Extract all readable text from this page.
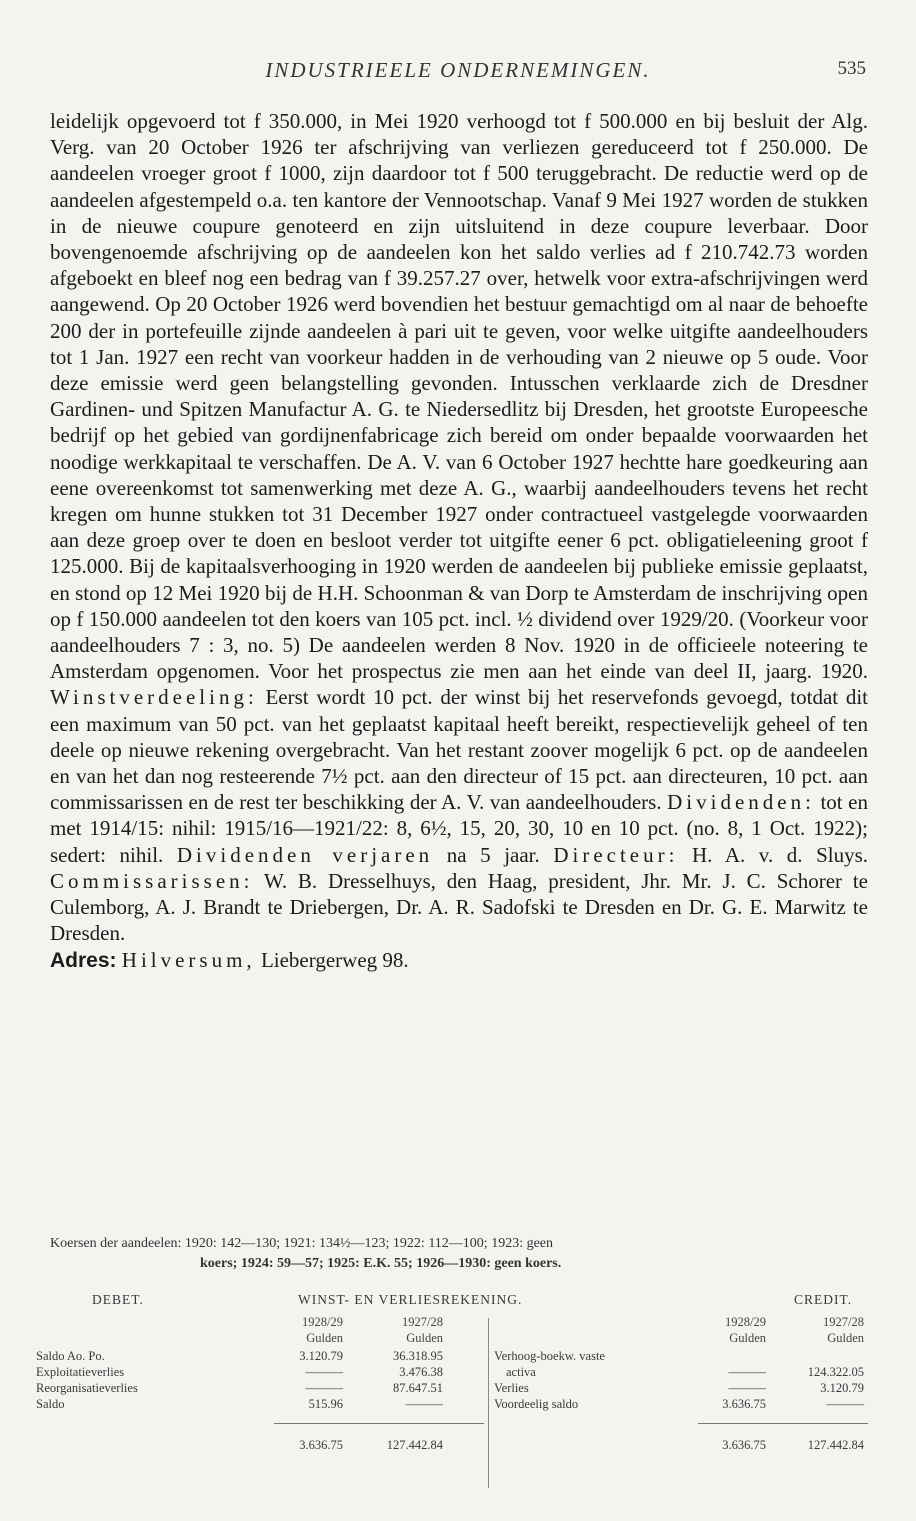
INDUSTRIEELE ONDERNEMINGEN.	535

leidelijk opgevoerd tot f 350.000, in Mei 1920 verhoogd tot f 500.000 en bij besluit der Alg. Verg. van 20 October 1926 ter afschrijving van verliezen gereduceerd tot f 250.000. De aandeelen vroeger groot f 1000, zijn daardoor tot f 500 teruggebracht. De reductie werd op de aandeelen afgestempeld o.a. ten kantore der Vennootschap. Vanaf 9 Mei 1927 worden de stukken in de nieuwe coupure genoteerd en zijn uitsluitend in deze coupure leverbaar. Door bovengenoemde afschrijving op de aandeelen kon het saldo verlies ad f 210.742.73 worden afgeboekt en bleef nog een bedrag van f 39.257.27 over, hetwelk voor extra-afschrijvingen werd aangewend. Op 20 October 1926 werd bovendien het bestuur gemachtigd om al naar de behoefte 200 der in portefeuille zijnde aandeelen à pari uit te geven, voor welke uitgifte aandeelhouders tot 1 Jan. 1927 een recht van voorkeur hadden in de verhouding van 2 nieuwe op 5 oude. Voor deze emissie werd geen belangstelling gevonden. Intusschen verklaarde zich de Dresdner Gardinen- und Spitzen Manufactur A. G. te Niedersedlitz bij Dresden, het grootste Europeesche bedrijf op het gebied van gordijnenfabricage zich bereid om onder bepaalde voorwaarden het noodige werkkapitaal te verschaffen. De A. V. van 6 October 1927 hechtte hare goedkeuring aan eene overeenkomst tot samenwerking met deze A. G., waarbij aandeelhouders tevens het recht kregen om hunne stukken tot 31 December 1927 onder contractueel vastgelegde voorwaarden aan deze groep over te doen en besloot verder tot uitgifte eener 6 pct. obligatieleening groot f 125.000. Bij de kapitaalsverhooging in 1920 werden de aandeelen bij publieke emissie geplaatst, en stond op 12 Mei 1920 bij de H.H. Schoonman & van Dorp te Amsterdam de inschrijving open op f 150.000 aandeelen tot den koers van 105 pct. incl. ½ dividend over 1929/20. (Voorkeur voor aandeelhouders 7 : 3, no. 5) De aandeelen werden 8 Nov. 1920 in de officieele noteering te Amsterdam opgenomen. Voor het prospectus zie men aan het einde van deel II, jaarg. 1920. Winstverdeeling: Eerst wordt 10 pct. der winst bij het reservefonds gevoegd, totdat dit een maximum van 50 pct. van het geplaatst kapitaal heeft bereikt, respectievelijk geheel of ten deele op nieuwe rekening overgebracht. Van het restant zoover mogelijk 6 pct. op de aandeelen en van het dan nog resteerende 7½ pct. aan den directeur of 15 pct. aan directeuren, 10 pct. aan commissarissen en de rest ter beschikking der A. V. van aandeelhouders. Dividenden: tot en met 1914/15: nihil: 1915/16—1921/22: 8, 6½, 15, 20, 30, 10 en 10 pct. (no. 8, 1 Oct. 1922); sedert: nihil. Dividenden verjaren na 5 jaar. Directeur: H. A. v. d. Sluys. Commissarissen: W. B. Dresselhuys, den Haag, president, Jhr. Mr. J. C. Schorer te Culemborg, A. J. Brandt te Driebergen, Dr. A. R. Sadofski te Dresden en Dr. G. E. Marwitz te Dresden.

Adres: Hilversum, Liebergerweg 98.

Koersen der aandeelen: 1920: 142—130; 1921: 134½—123; 1922: 112—100; 1923: geen
koers; 1924: 59—57; 1925: E.K. 55; 1926—1930: geen koers.
DEBET.	WINST- EN VERLIESREKENING.	CREDIT.
1928/29	1927/28
Gulden	Gulden
1928/29	1927/28
Gulden	Gulden
Saldo Ao. Po.	3.120.79	36.318.95	Verhoog-boekw. vaste
Exploitatieverlies	———	3.476.38	activa	———	124.322.05
Reorganisatieverlies	———	87.647.51	Verlies	———	3.120.79
Saldo	515.96	———	Voordeelig saldo	3.636.75	———
3.636.75	127.442.84	3.636.75	127.442.84
